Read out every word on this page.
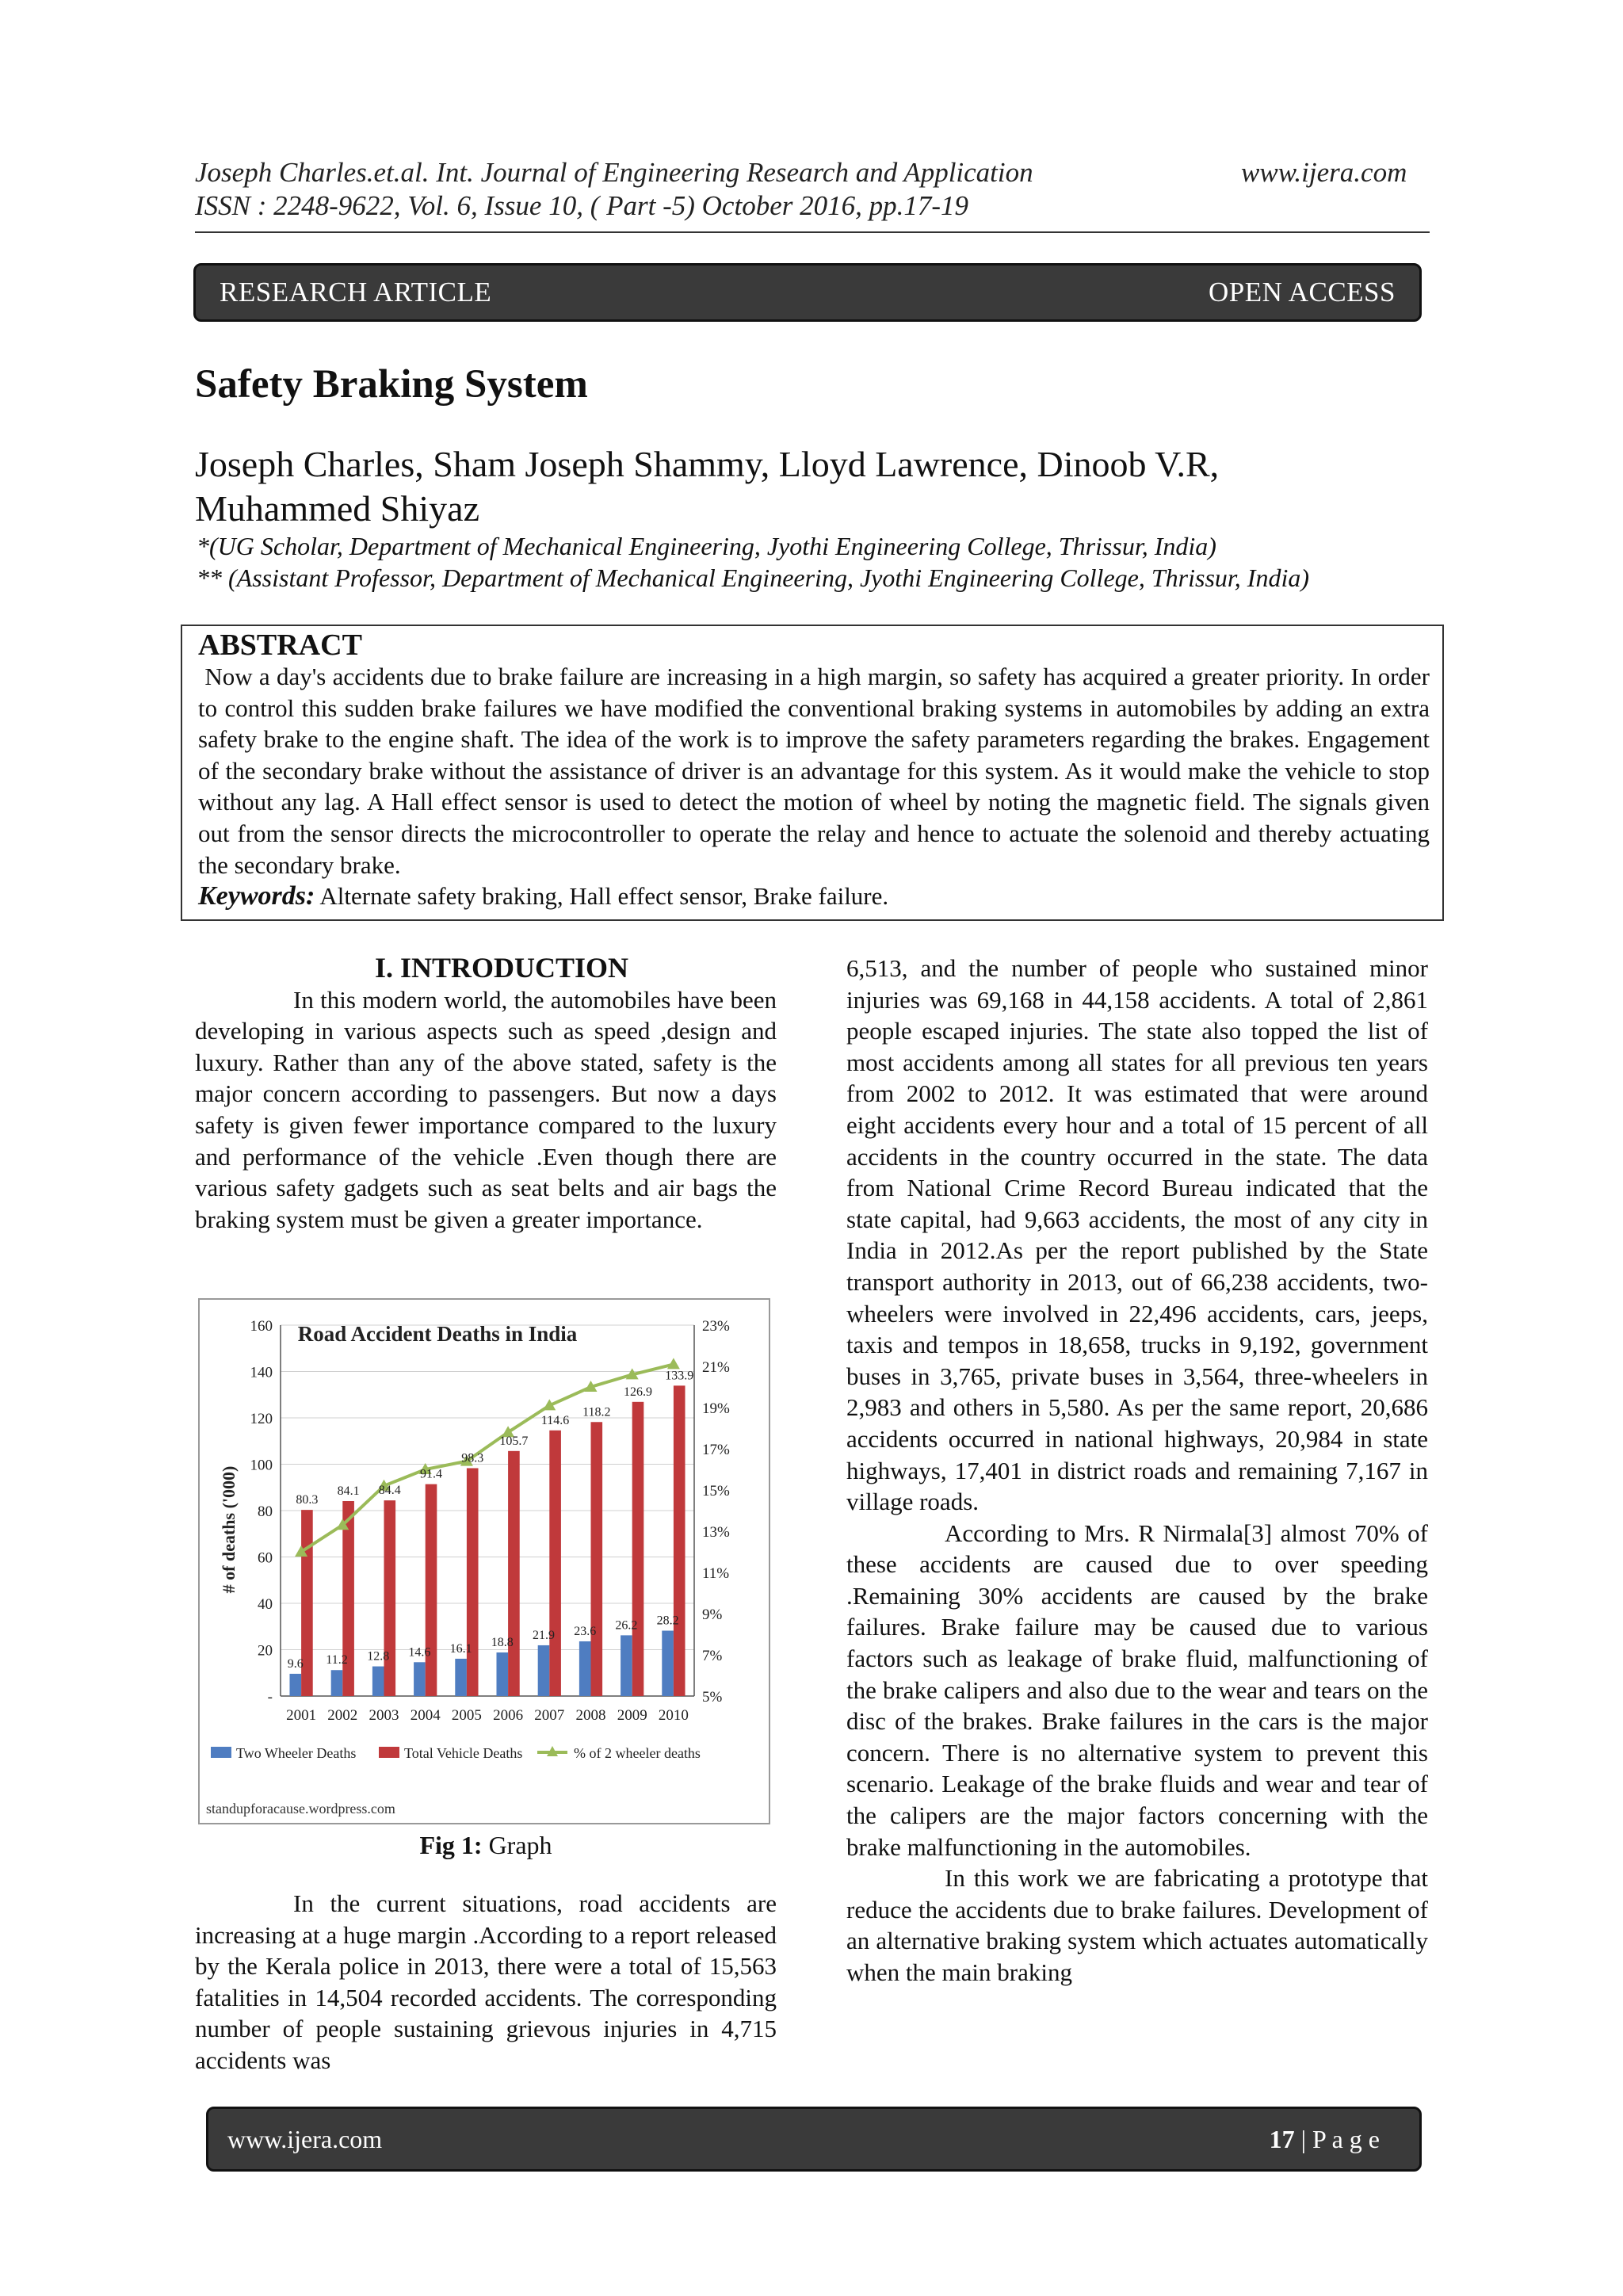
Joseph Charles.et.al. Int. Journal of Engineering Research and Application	www.ijera.com
ISSN : 2248-9622, Vol. 6, Issue 10, ( Part -5) October 2016, pp.17-19
RESEARCH ARTICLE	OPEN ACCESS
Safety Braking System
Joseph Charles, Sham Joseph Shammy, Lloyd Lawrence, Dinoob V.R,
Muhammed Shiyaz
*(UG Scholar, Department of Mechanical Engineering, Jyothi Engineering College, Thrissur, India)
** (Assistant Professor, Department of Mechanical Engineering, Jyothi Engineering College, Thrissur, India)
ABSTRACT
Now a day's accidents due to brake failure are increasing in a high margin, so safety has acquired a greater priority. In order to control this sudden brake failures we have modified the conventional braking systems in automobiles by adding an extra safety brake to the engine shaft. The idea of the work is to improve the safety parameters regarding the brakes. Engagement of the secondary brake without the assistance of driver is an advantage for this system. As it would make the vehicle to stop without any lag. A Hall effect sensor is used to detect the motion of wheel by noting the magnetic field. The signals given out from the sensor directs the microcontroller to operate the relay and hence to actuate the solenoid and thereby actuating the secondary brake.
Keywords: Alternate safety braking, Hall effect sensor, Brake failure.
I. INTRODUCTION

In this modern world, the automobiles have been developing in various aspects such as speed ,design and luxury. Rather than any of the above stated, safety is the major concern according to passengers. But now a days safety is given fewer importance compared to the luxury and performance of the vehicle .Even though there are various safety gadgets such as seat belts and air bags the braking system must be given a greater importance.

Road Accident Deaths in India
# of deaths ('000)
-
20
40
60
80
100
120
140
160
5%
7%
9%
11%
13%
15%
17%
19%
21%
23%
2001 2002 2003 2004 2005 2006 2007 2008 2009 2010
9.6
80.3
11.2
84.1
12.8
84.4
14.6
91.4
16.1
98.3
18.8
105.7
21.9
114.6
23.6
118.2
26.2
126.9
28.2
133.9
Two Wheeler Deaths	Total Vehicle Deaths	% of 2 wheeler deaths
standupforacause.wordpress.com
Fig 1: Graph

In the current situations, road accidents are increasing at a huge margin .According to a report released by the Kerala police in 2013, there were a total of 15,563 fatalities in 14,504 recorded accidents. The corresponding number of people sustaining grievous injuries in 4,715 accidents was

6,513, and the number of people who sustained minor injuries was 69,168 in 44,158 accidents. A total of 2,861 people escaped injuries. The state also topped the list of most accidents among all states for all previous ten years from 2002 to 2012. It was estimated that were around eight accidents every hour and a total of 15 percent of all accidents in the country occurred in the state. The data from National Crime Record Bureau indicated that the state capital, had 9,663 accidents, the most of any city in India in 2012.As per the report published by the State transport authority in 2013, out of 66,238 accidents, two-wheelers were involved in 22,496 accidents, cars, jeeps, taxis and tempos in 18,658, trucks in 9,192, government buses in 3,765, private buses in 3,564, three-wheelers in 2,983 and others in 5,580. As per the same report, 20,686 accidents occurred in national highways, 20,984 in state highways, 17,401 in district roads and remaining 7,167 in village roads.

According to Mrs. R Nirmala[3] almost 70% of these accidents are caused due to over speeding .Remaining 30% accidents are caused by the brake failures. Brake failure may be caused due to various factors such as leakage of brake fluid, malfunctioning of the brake calipers and also due to the wear and tears on the disc of the brakes. Brake failures in the cars is the major concern. There is no alternative system to prevent this scenario. Leakage of the brake fluids and wear and tear of the calipers are the major factors concerning with the brake malfunctioning in the automobiles.

In this work we are fabricating a prototype that reduce the accidents due to brake failures. Development of an alternative braking system which actuates automatically when the main braking

www.ijera.com	17 | P a g e
